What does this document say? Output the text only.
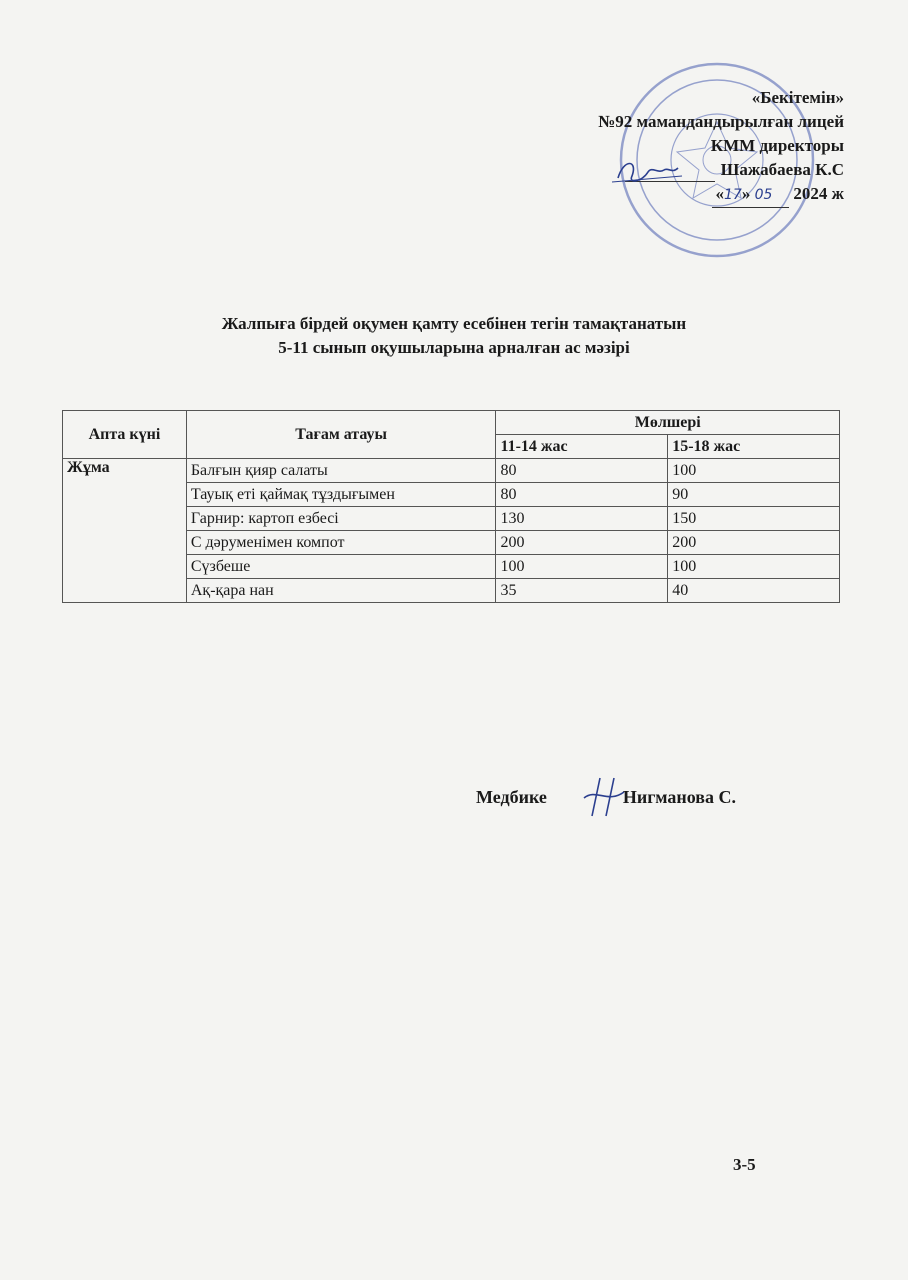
«Бекітемін»
№92 мамандандырылған лицей
КММ директоры
Шажабаева К.С
«17» 05 2024 ж
Жалпыға бірдей оқумен қамту есебінен тегін тамақтанатын
5-11 сынып оқушыларына арналған ас мәзірі
Апта күні	Тағам атауы	Мөлшері	
		11-14 жас	15-18 жас
Жұма	Балғын қияр салаты	80	100
	Тауық еті қаймақ тұздығымен	80	90
	Гарнир: картоп езбесі	130	150
	С дәруменімен компот	200	200
	Сүзбеше	100	100
	Ақ-қара нан	35	40
Медбике	Нигманова С.
3-5
